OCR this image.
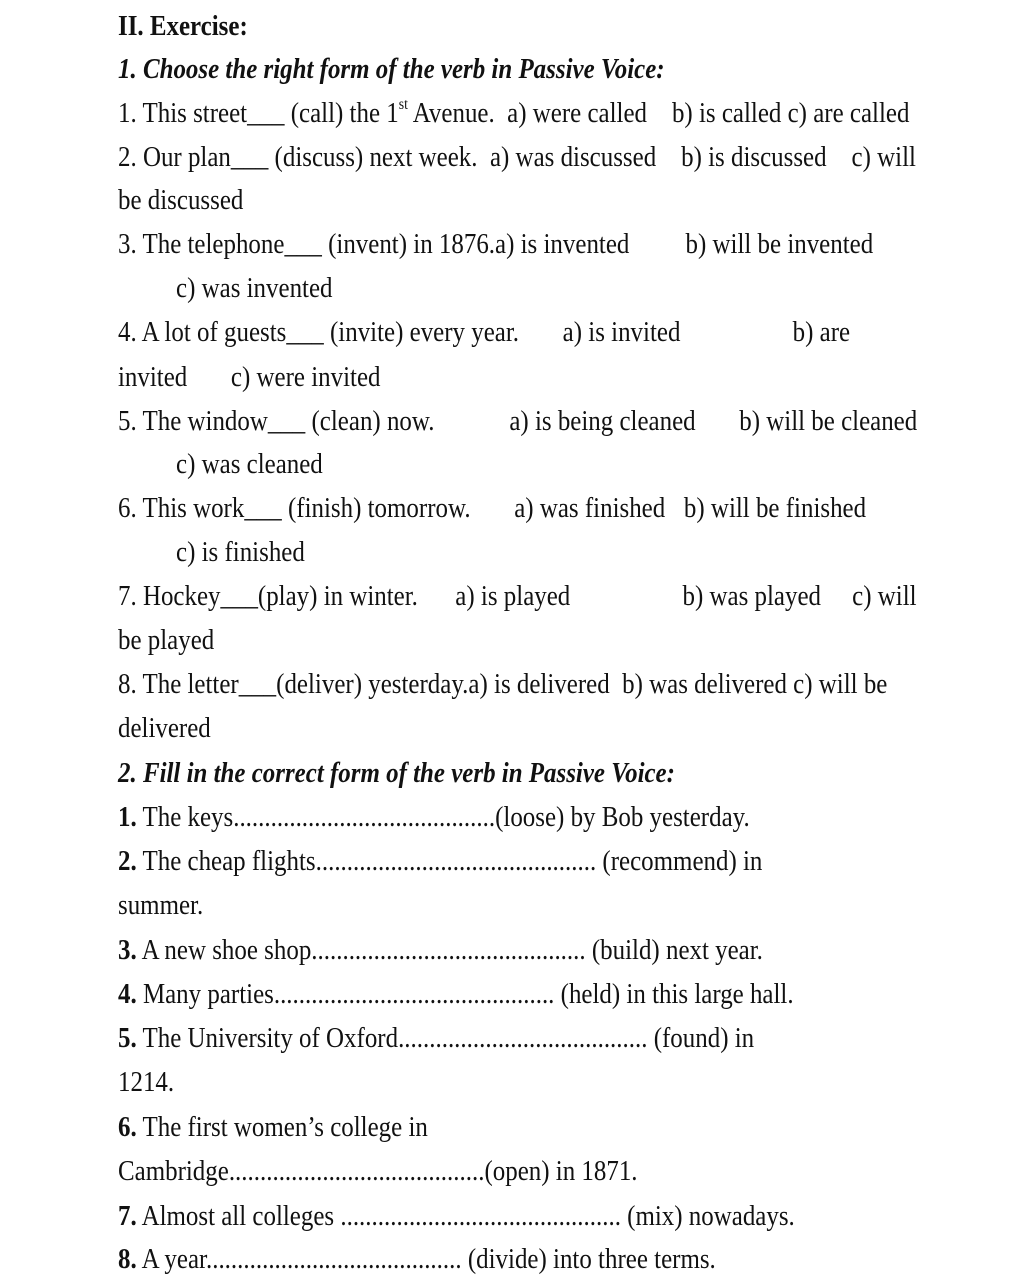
II. Exercise:
1. Choose the right form of the verb in Passive Voice:
1. This street___ (call) the 1st Avenue.  a) were called    b) is called c) are called
2. Our plan___ (discuss) next week.  a) was discussed    b) is discussed    c) will
be discussed
3. The telephone___ (invent) in 1876.a) is invented         b) will be invented
c) was invented
4. A lot of guests___ (invite) every year.       a) is invited                  b) are
invited       c) were invited
5. The window___ (clean) now.            a) is being cleaned       b) will be cleaned
c) was cleaned
6. This work___ (finish) tomorrow.       a) was finished   b) will be finished
c) is finished
7. Hockey___(play) in winter.      a) is played                  b) was played     c) will
be played
8. The letter___(deliver) yesterday.a) is delivered  b) was delivered c) will be
delivered
2. Fill in the correct form of the verb in Passive Voice:
1. The keys..........................................(loose) by Bob yesterday.
2. The cheap flights............................................. (recommend) in
summer.
3. A new shoe shop............................................ (build) next year.
4. Many parties............................................. (held) in this large hall.
5. The University of Oxford........................................ (found) in
1214.
6. The first women’s college in
Cambridge.........................................(open) in 1871.
7. Almost all colleges ............................................. (mix) nowadays.
8. A year......................................... (divide) into three terms.
